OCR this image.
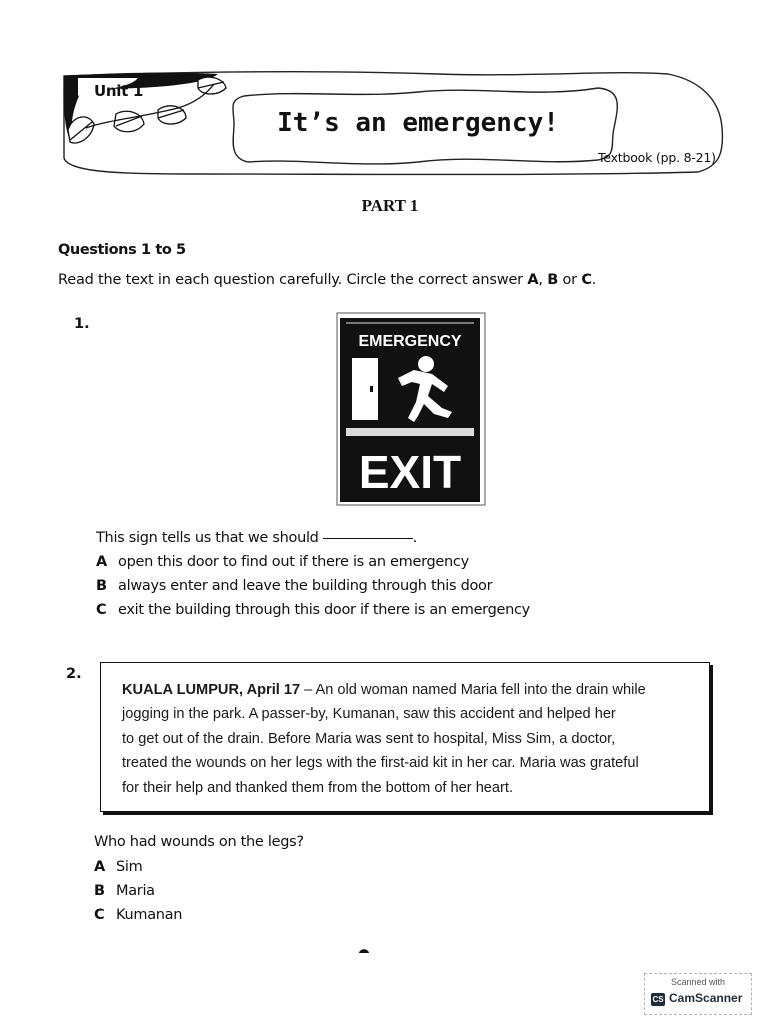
Unit 1
It’s an emergency!
Textbook (pp. 8-21)
PART 1
Questions 1 to 5
Read the text in each question carefully. Circle the correct answer A, B or C.
1.
EMERGENCY
EXIT
This sign tells us that we should	.
A open this door to find out if there is an emergency
B always enter and leave the building through this door
C exit the building through this door if there is an emergency
2.
KUALA LUMPUR, April 17 – An old woman named Maria fell into the drain while
jogging in the park. A passer-by, Kumanan, saw this accident and helped her
to get out of the drain. Before Maria was sent to hospital, Miss Sim, a doctor,
treated the wounds on her legs with the first-aid kit in her car. Maria was grateful
for their help and thanked them from the bottom of her heart.
Who had wounds on the legs?
A Sim
B Maria
C Kumanan
Scanned with
CS CamScanner
